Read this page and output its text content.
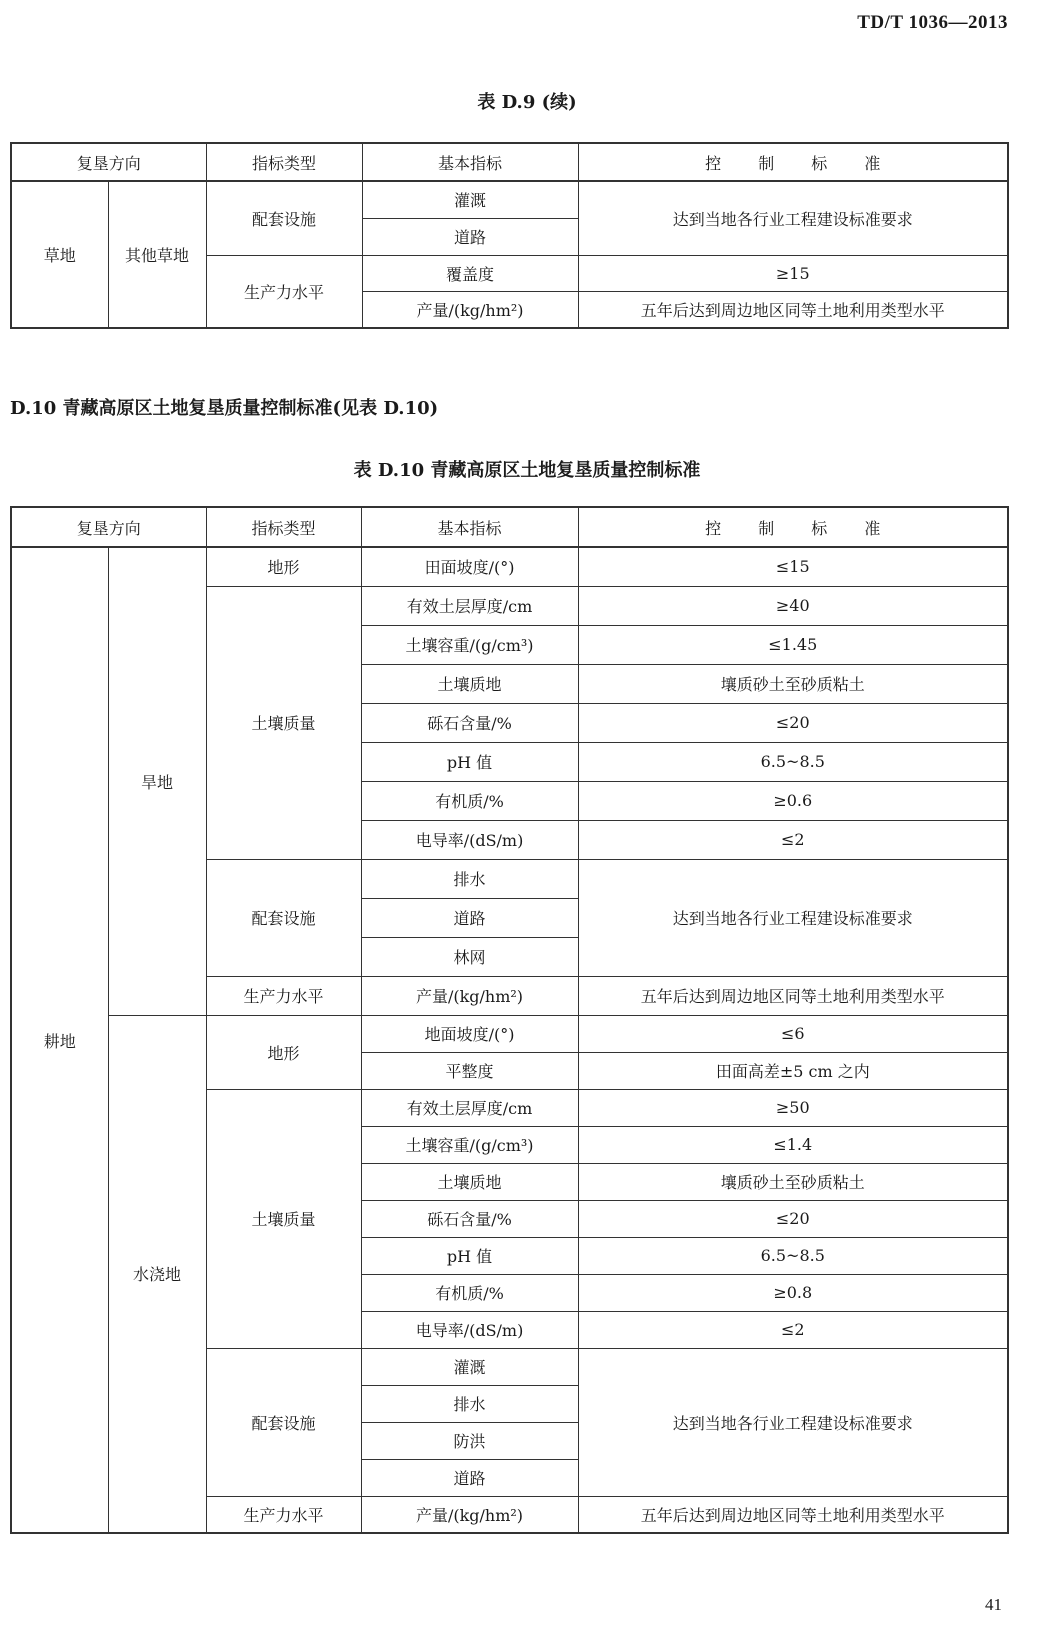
TD/T 1036—2013
表 D.9 (续)
复垦方向		指标类型	基本指标	控 制 标 准
草地	其他草地	配套设施	灌溉	达到当地各行业工程建设标准要求
			道路	
		生产力水平	覆盖度	≥15
			产量/(kg/hm²)	五年后达到周边地区同等土地利用类型水平
D.10 青藏高原区土地复垦质量控制标准(见表 D.10)
表 D.10 青藏高原区土地复垦质量控制标准
复垦方向		指标类型	基本指标	控 制 标 准
耕地	旱地	地形	田面坡度/(°)	≤15
		土壤质量	有效土层厚度/cm	≥40
			土壤容重/(g/cm³)	≤1.45
			土壤质地	壤质砂土至砂质粘土
			砾石含量/%	≤20
			pH 值	6.5~8.5
			有机质/%	≥0.6
			电导率/(dS/m)	≤2
		配套设施	排水	达到当地各行业工程建设标准要求
			道路	
			林网	
		生产力水平	产量/(kg/hm²)	五年后达到周边地区同等土地利用类型水平
	水浇地	地形	地面坡度/(°)	≤6
			平整度	田面高差±5 cm 之内
		土壤质量	有效土层厚度/cm	≥50
			土壤容重/(g/cm³)	≤1.4
			土壤质地	壤质砂土至砂质粘土
			砾石含量/%	≤20
			pH 值	6.5~8.5
			有机质/%	≥0.8
			电导率/(dS/m)	≤2
		配套设施	灌溉	达到当地各行业工程建设标准要求
			排水	
			防洪	
			道路	
		生产力水平	产量/(kg/hm²)	五年后达到周边地区同等土地利用类型水平
41
